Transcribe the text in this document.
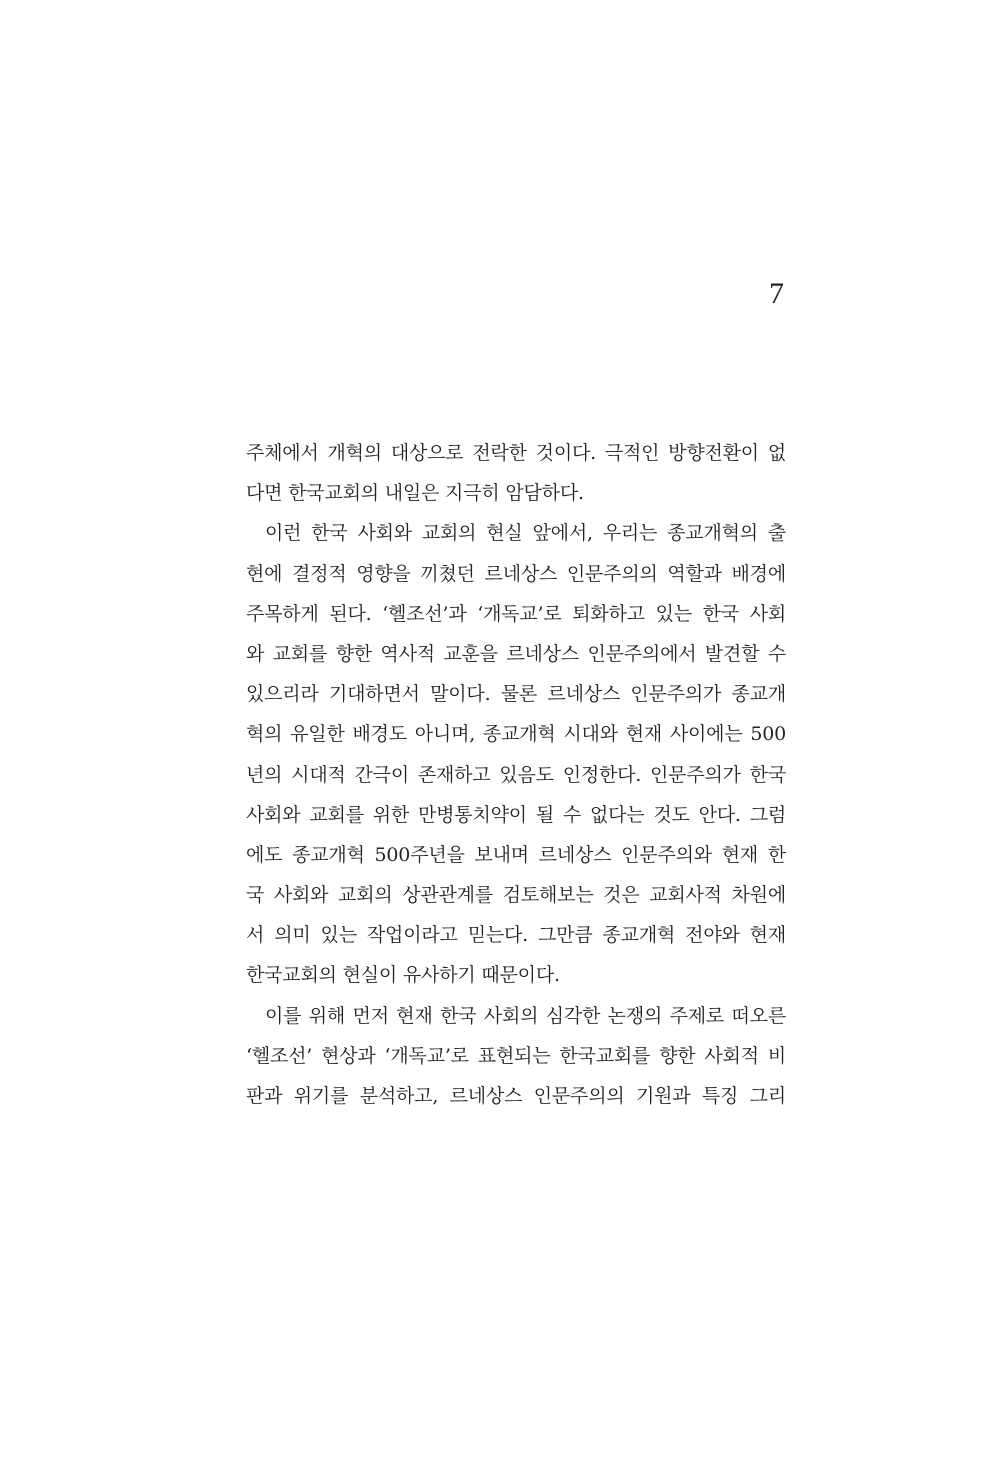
7
주체에서 개혁의 대상으로 전락한 것이다. 극적인 방향전환이 없
다면 한국교회의 내일은 지극히 암담하다.
이런 한국 사회와 교회의 현실 앞에서, 우리는 종교개혁의 출
현에 결정적 영향을 끼쳤던 르네상스 인문주의의 역할과 배경에
주목하게 된다. ‘헬조선’과 ‘개독교’로 퇴화하고 있는 한국 사회
와 교회를 향한 역사적 교훈을 르네상스 인문주의에서 발견할 수
있으리라 기대하면서 말이다. 물론 르네상스 인문주의가 종교개
혁의 유일한 배경도 아니며, 종교개혁 시대와 현재 사이에는 500
년의 시대적 간극이 존재하고 있음도 인정한다. 인문주의가 한국
사회와 교회를 위한 만병통치약이 될 수 없다는 것도 안다. 그럼
에도 종교개혁 500주년을 보내며 르네상스 인문주의와 현재 한
국 사회와 교회의 상관관계를 검토해보는 것은 교회사적 차원에
서 의미 있는 작업이라고 믿는다. 그만큼 종교개혁 전야와 현재
한국교회의 현실이 유사하기 때문이다.
이를 위해 먼저 현재 한국 사회의 심각한 논쟁의 주제로 떠오른
‘헬조선’ 현상과 ‘개독교’로 표현되는 한국교회를 향한 사회적 비
판과 위기를 분석하고, 르네상스 인문주의의 기원과 특징 그리
